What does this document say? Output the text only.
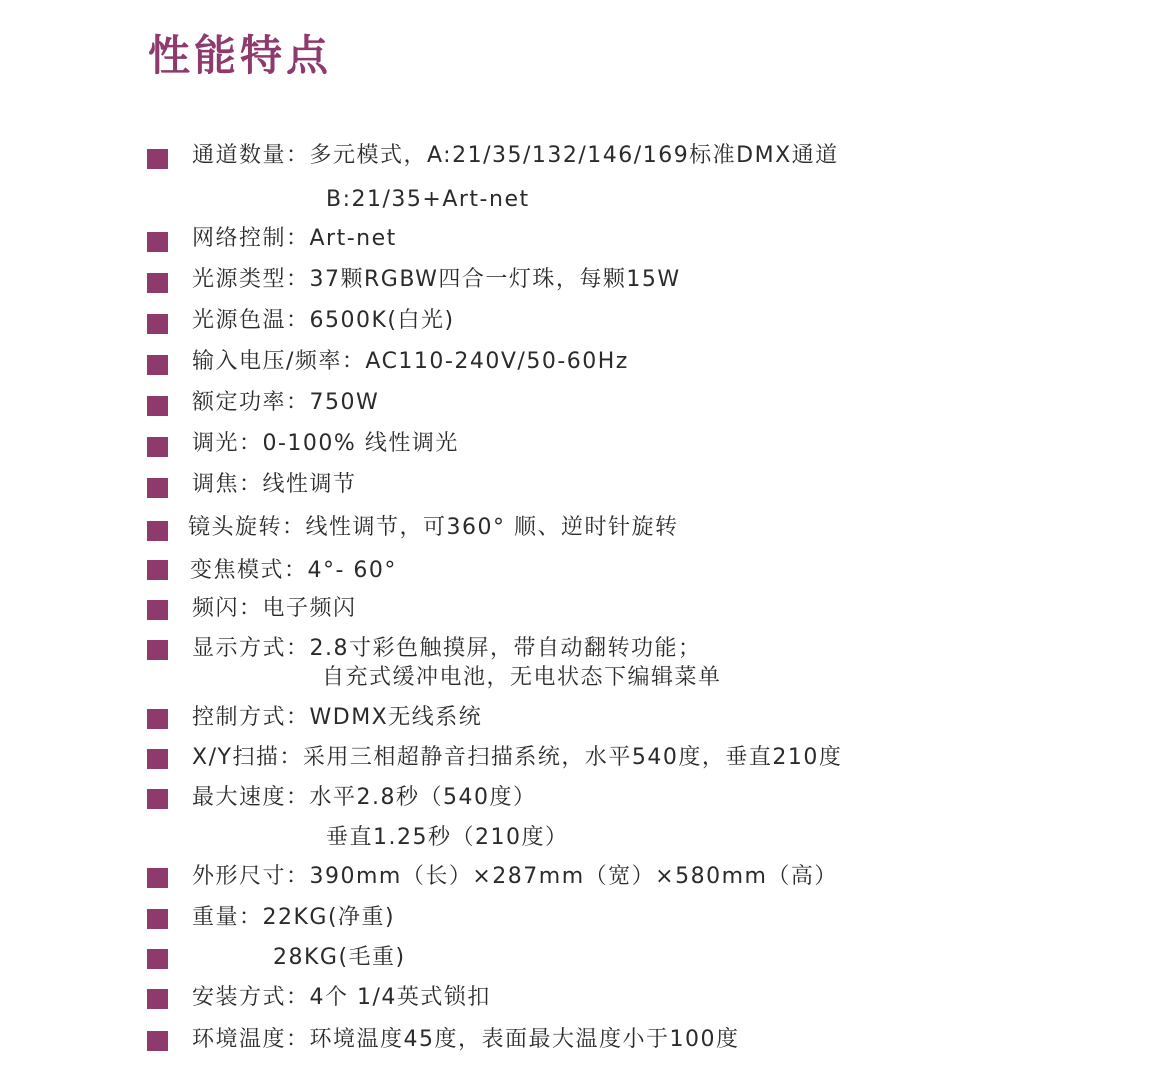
性能特点
通道数量：多元模式，A:21/35/132/146/169标准DMX通道
B:21/35+Art-net
网络控制：Art-net
光源类型：37颗RGBW四合一灯珠，每颗15W
光源色温：6500K(白光)
输入电压/频率：AC110-240V/50-60Hz
额定功率：750W
调光：0-100% 线性调光
调焦：线性调节
镜头旋转：线性调节，可360° 顺、逆时针旋转
变焦模式：4°- 60°
频闪：电子频闪
显示方式：2.8寸彩色触摸屏，带自动翻转功能；
自充式缓冲电池，无电状态下编辑菜单
控制方式：WDMX无线系统
X/Y扫描：采用三相超静音扫描系统，水平540度，垂直210度
最大速度：水平2.8秒（540度）
垂直1.25秒（210度）
外形尺寸：390mm（长）×287mm（宽）×580mm（高）
重量：22KG(净重)
28KG(毛重)
安装方式：4个 1/4英式锁扣
环境温度：环境温度45度，表面最大温度小于100度
